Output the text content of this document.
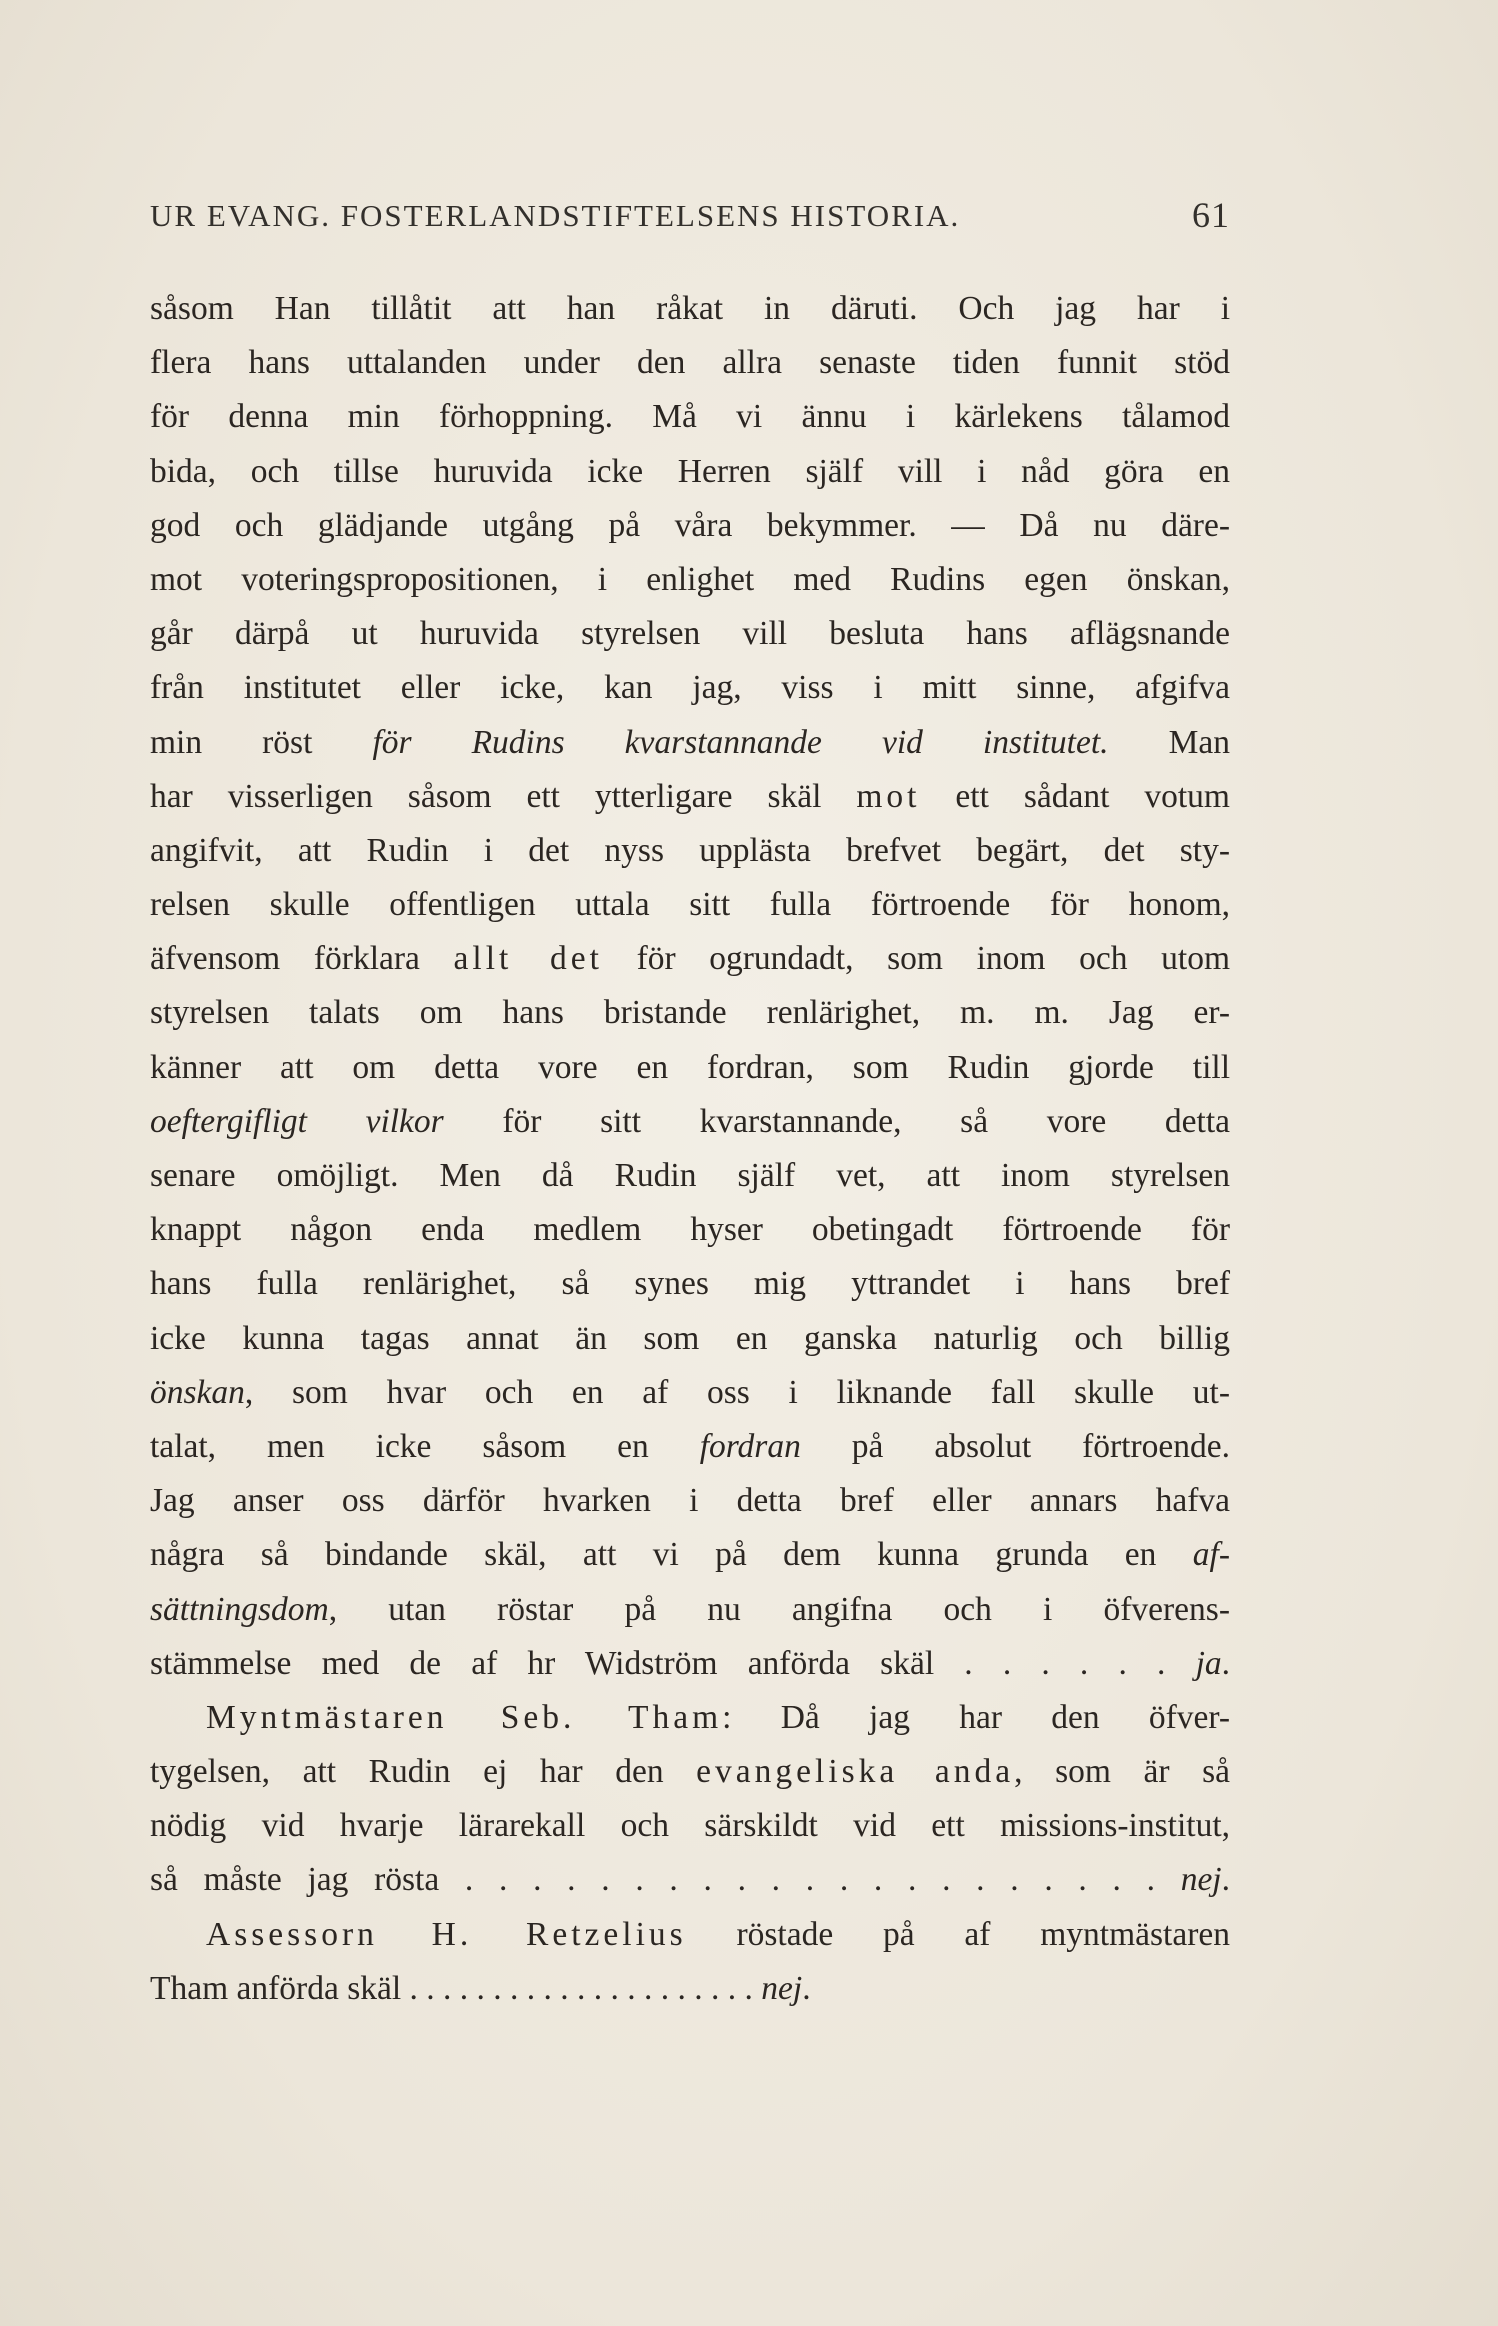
UR EVANG. FOSTERLANDSTIFTELSENS HISTORIA.	61
såsom Han tillåtit att han råkat in däruti. Och jag har i
flera hans uttalanden under den allra senaste tiden funnit stöd
för denna min förhoppning. Må vi ännu i kärlekens tålamod
bida, och tillse huruvida icke Herren själf vill i nåd göra en
god och glädjande utgång på våra bekymmer. — Då nu däre-
mot voteringspropositionen, i enlighet med Rudins egen önskan,
går därpå ut huruvida styrelsen vill besluta hans aflägsnande
från institutet eller icke, kan jag, viss i mitt sinne, afgifva
min röst för Rudins kvarstannande vid institutet. Man
har visserligen såsom ett ytterligare skäl mot ett sådant votum
angifvit, att Rudin i det nyss upplästa brefvet begärt, det sty-
relsen skulle offentligen uttala sitt fulla förtroende för honom,
äfvensom förklara allt det för ogrundadt, som inom och utom
styrelsen talats om hans bristande renlärighet, m. m. Jag er-
känner att om detta vore en fordran, som Rudin gjorde till
oeftergifligt vilkor för sitt kvarstannande, så vore detta
senare omöjligt. Men då Rudin själf vet, att inom styrelsen
knappt någon enda medlem hyser obetingadt förtroende för
hans fulla renlärighet, så synes mig yttrandet i hans bref
icke kunna tagas annat än som en ganska naturlig och billig
önskan, som hvar och en af oss i liknande fall skulle ut-
talat, men icke såsom en fordran på absolut förtroende.
Jag anser oss därför hvarken i detta bref eller annars hafva
några så bindande skäl, att vi på dem kunna grunda en af-
sättningsdom, utan röstar på nu angifna och i öfverens-
stämmelse med de af hr Widström anförda skäl . . . . . . ja.
Myntmästaren Seb. Tham: Då jag har den öfver-
tygelsen, att Rudin ej har den evangeliska anda, som är så
nödig vid hvarje lärarekall och särskildt vid ett missions-institut,
så måste jag rösta . . . . . . . . . . . . . . . . . . . . . nej.
Assessorn H. Retzelius röstade på af myntmästaren
Tham anförda skäl . . . . . . . . . . . . . . . . . . . . . nej.
